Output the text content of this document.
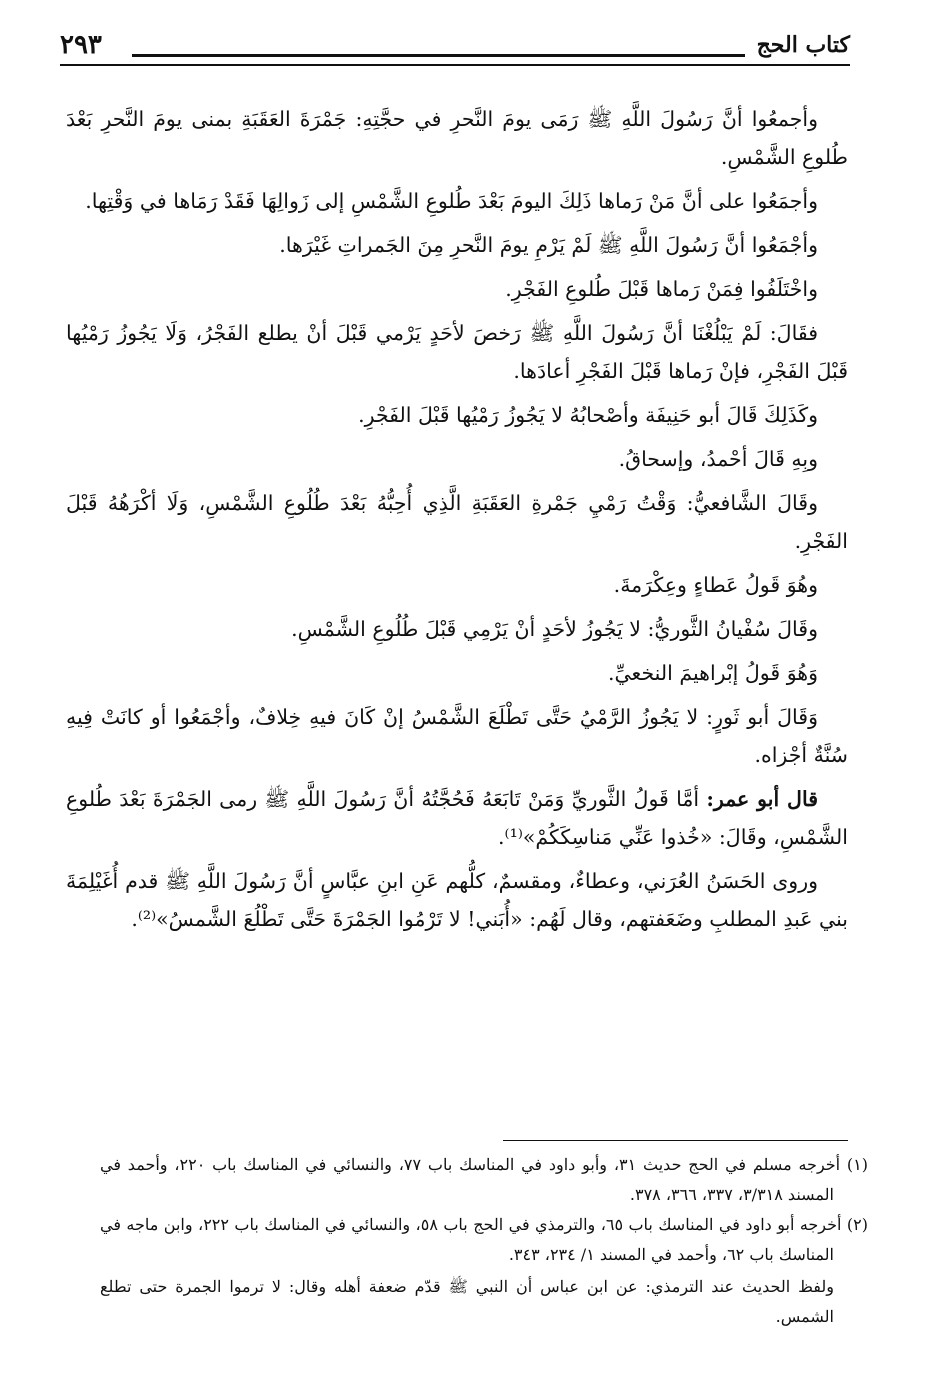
كتاب الحج
٢٩٣

وأجمعُوا أنَّ رَسُولَ اللَّهِ ﷺ رَمَى يومَ النَّحرِ في حجَّتِهِ: جَمْرَةَ العَقَبَةِ بمنى يومَ النَّحرِ بَعْدَ طُلوعِ الشَّمْسِ.

وأجمَعُوا على أنَّ مَنْ رَماها ذَلِكَ اليومَ بَعْدَ طُلوعِ الشَّمْسِ إلى زَوالِهَا فَقَدْ رَمَاها في وَقْتِها.

وأجْمَعُوا أنَّ رَسُولَ اللَّهِ ﷺ لَمْ يَرْمِ يومَ النَّحرِ مِنَ الجَمراتِ غَيْرَها.

واخْتَلَفُوا فِمَنْ رَماها قَبْلَ طُلوعِ الفَجْرِ.

فقَالَ: لَمْ يَبْلُغْنَا أنَّ رَسُولَ اللَّهِ ﷺ رَخصَ لأحَدٍ يَرْمي قَبْلَ أنْ يطلع الفَجْرُ، وَلَا يَجُوزُ رَمْيُها قَبْلَ الفَجْرِ، فإنْ رَماها قَبْلَ الفَجْرِ أعادَها.

وكَذَلِكَ قَالَ أبو حَنِيفَة وأصْحابُهُ لا يَجُوزُ رَمْيُها قَبْلَ الفَجْرِ.

وبِهِ قَالَ أحْمدُ، وإسحاقُ.

وقَالَ الشَّافعيُّ: وَقْتُ رَمْيِ جَمْرةِ العَقَبَةِ الَّذِي أُحِبُّهُ بَعْدَ طُلُوعِ الشَّمْسِ، وَلَا أكْرَهُهُ قَبْلَ الفَجْرِ.

وهُوَ قَولُ عَطاءٍ وعِكْرَمةَ.

وقَالَ سُفْيانُ الثَّوريُّ: لا يَجُوزُ لأحَدٍ أنْ يَرْمِي قَبْلَ طُلُوعِ الشَّمْسِ.

وَهُوَ قَولُ إبْراهيمَ النخعيِّ.

وَقَالَ أبو ثَورٍ: لا يَجُوزُ الرَّمْيُ حَتَّى تَطْلَعَ الشَّمْسُ إنْ كَانَ فيهِ خِلافٌ، وأجْمَعُوا أو كانَتْ فِيهِ سُنَّةٌ أجْزاه.

قال أبو عمر: أمَّا قَولُ الثَّوريِّ وَمَنْ تَابَعَهُ فَحُجَّتُهُ أنَّ رَسُولَ اللَّهِ ﷺ رمى الجَمْرَةَ بَعْدَ طُلوعِ الشَّمْسِ، وقَالَ: «خُذوا عَنِّي مَناسِكَكُمْ»⁽¹⁾.

وروى الحَسَنُ العُرَني، وعطاءٌ، ومقسمٌ، كلُّهم عَنِ ابنِ عبَّاسٍ أنَّ رَسُولَ اللَّهِ ﷺ قدم أُغَيْلِمَةَ بني عَبدِ المطلبِ وضَعَفتهم، وقال لَهُم: «أُبَني! لا تَرْمُوا الجَمْرَةَ حَتَّى تَطْلُعَ الشَّمسُ»⁽²⁾.

(١) أخرجه مسلم في الحج حديث ٣١، وأبو داود في المناسك باب ٧٧، والنسائي في المناسك باب ٢٢٠، وأحمد في المسند ٣/٣١٨، ٣٣٧، ٣٦٦، ٣٧٨.

(٢) أخرجه أبو داود في المناسك باب ٦٥، والترمذي في الحج باب ٥٨، والنسائي في المناسك باب ٢٢٢، وابن ماجه في المناسك باب ٦٢، وأحمد في المسند ١/ ٢٣٤، ٣٤٣.

ولفظ الحديث عند الترمذي: عن ابن عباس أن النبي ﷺ قدّم ضعفة أهله وقال: لا ترموا الجمرة حتى تطلع الشمس.
